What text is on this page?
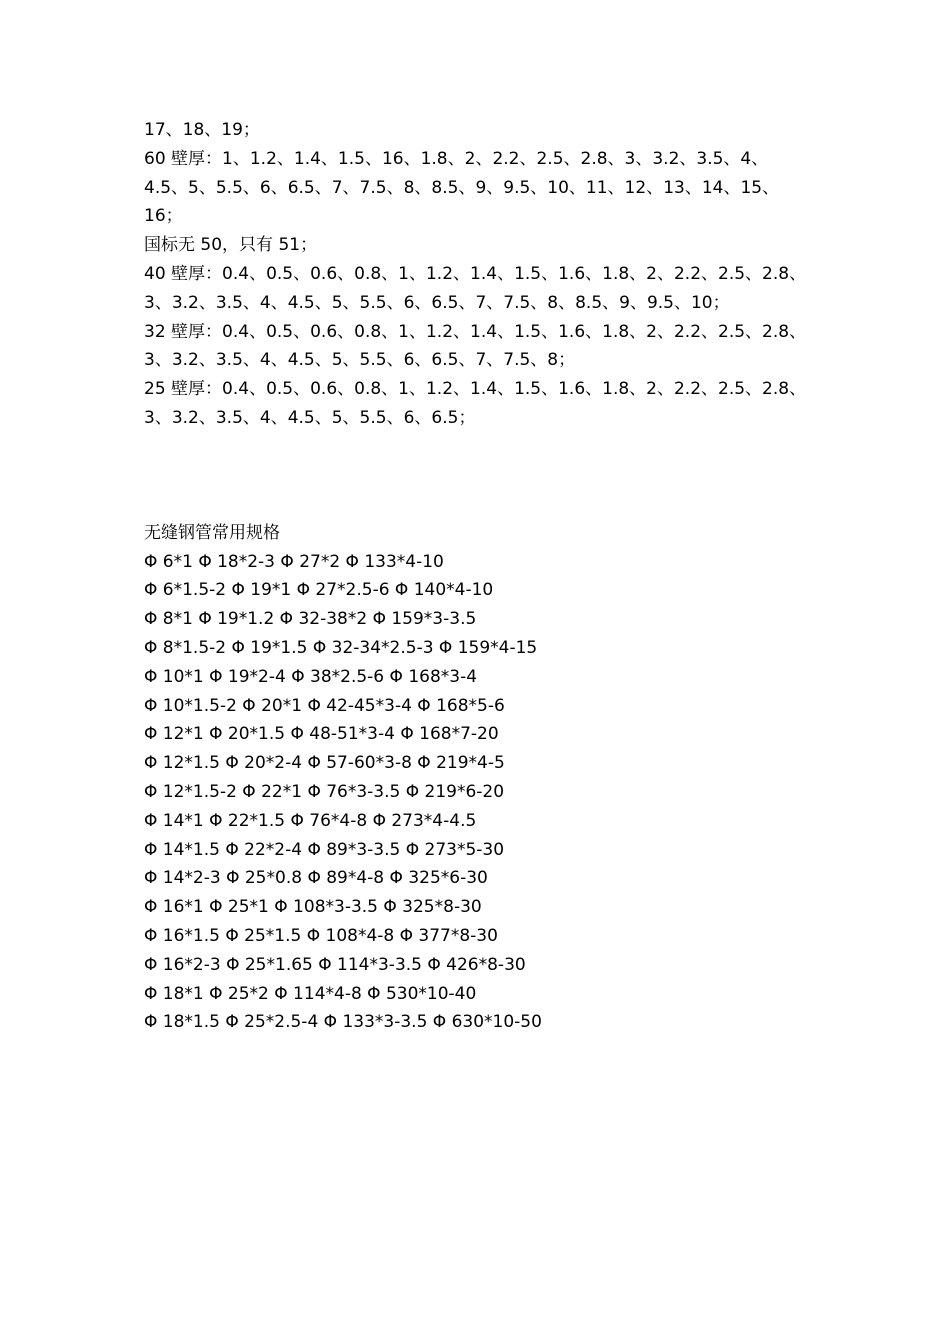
17、18、19；
60 壁厚：1、1.2、1.4、1.5、16、1.8、2、2.2、2.5、2.8、3、3.2、3.5、4、
4.5、5、5.5、6、6.5、7、7.5、8、8.5、9、9.5、10、11、12、13、14、15、
16；
国标无 50，只有 51；
40 壁厚：0.4、0.5、0.6、0.8、1、1.2、1.4、1.5、1.6、1.8、2、2.2、2.5、2.8、
3、3.2、3.5、4、4.5、5、5.5、6、6.5、7、7.5、8、8.5、9、9.5、10；
32 壁厚：0.4、0.5、0.6、0.8、1、1.2、1.4、1.5、1.6、1.8、2、2.2、2.5、2.8、
3、3.2、3.5、4、4.5、5、5.5、6、6.5、7、7.5、8；
25 壁厚：0.4、0.5、0.6、0.8、1、1.2、1.4、1.5、1.6、1.8、2、2.2、2.5、2.8、
3、3.2、3.5、4、4.5、5、5.5、6、6.5；
无缝钢管常用规格
Φ 6*1 Φ 18*2-3 Φ 27*2 Φ 133*4-10
Φ 6*1.5-2 Φ 19*1 Φ 27*2.5-6 Φ 140*4-10
Φ 8*1 Φ 19*1.2 Φ 32-38*2 Φ 159*3-3.5
Φ 8*1.5-2 Φ 19*1.5 Φ 32-34*2.5-3 Φ 159*4-15
Φ 10*1 Φ 19*2-4 Φ 38*2.5-6 Φ 168*3-4
Φ 10*1.5-2 Φ 20*1 Φ 42-45*3-4 Φ 168*5-6
Φ 12*1 Φ 20*1.5 Φ 48-51*3-4 Φ 168*7-20
Φ 12*1.5 Φ 20*2-4 Φ 57-60*3-8 Φ 219*4-5
Φ 12*1.5-2 Φ 22*1 Φ 76*3-3.5 Φ 219*6-20
Φ 14*1 Φ 22*1.5 Φ 76*4-8 Φ 273*4-4.5
Φ 14*1.5 Φ 22*2-4 Φ 89*3-3.5 Φ 273*5-30
Φ 14*2-3 Φ 25*0.8 Φ 89*4-8 Φ 325*6-30
Φ 16*1 Φ 25*1 Φ 108*3-3.5 Φ 325*8-30
Φ 16*1.5 Φ 25*1.5 Φ 108*4-8 Φ 377*8-30
Φ 16*2-3 Φ 25*1.65 Φ 114*3-3.5 Φ 426*8-30
Φ 18*1 Φ 25*2 Φ 114*4-8 Φ 530*10-40
Φ 18*1.5 Φ 25*2.5-4 Φ 133*3-3.5 Φ 630*10-50
